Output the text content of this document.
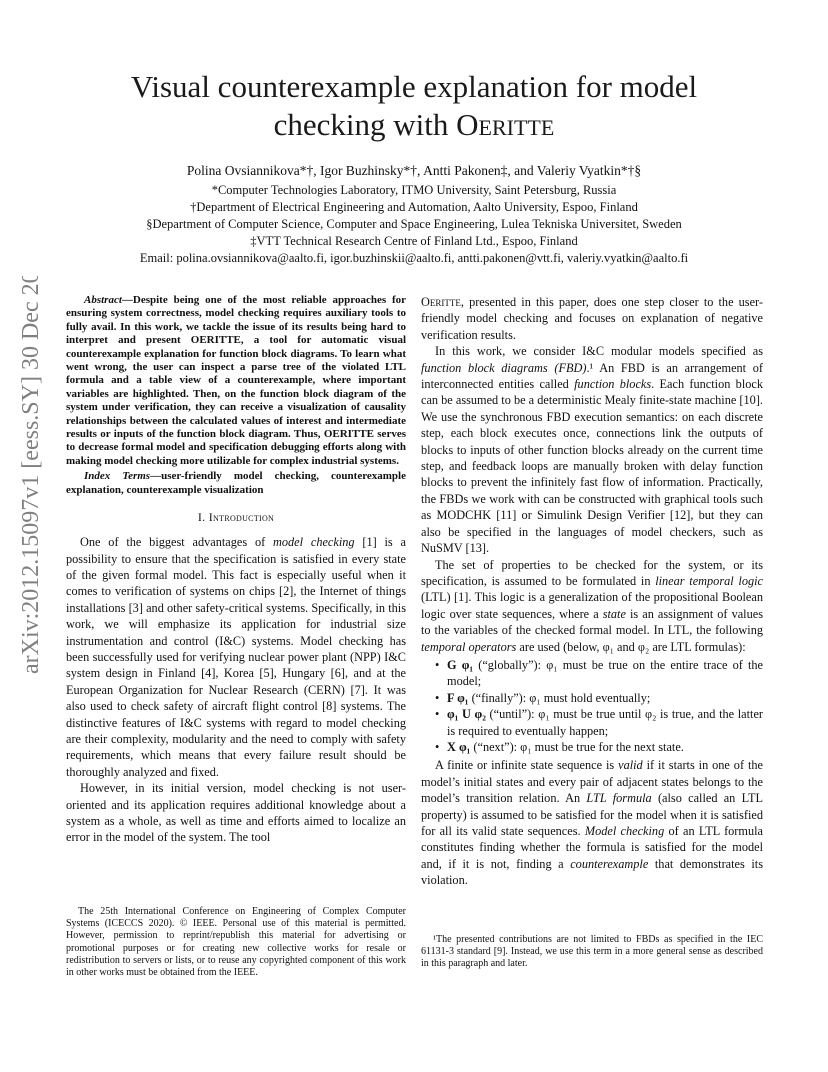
Visual counterexample explanation for model
checking with Oeritte
Polina Ovsiannikova*†, Igor Buzhinsky*†, Antti Pakonen‡, and Valeriy Vyatkin*†§
*Computer Technologies Laboratory, ITMO University, Saint Petersburg, Russia
†Department of Electrical Engineering and Automation, Aalto University, Espoo, Finland
§Department of Computer Science, Computer and Space Engineering, Lulea Tekniska Universitet, Sweden
‡VTT Technical Research Centre of Finland Ltd., Espoo, Finland
Email: polina.ovsiannikova@aalto.fi, igor.buzhinskii@aalto.fi, antti.pakonen@vtt.fi, valeriy.vyatkin@aalto.fi
arXiv:2012.15097v1 [eess.SY] 30 Dec 2020	Abstract—Despite being one of the most reliable approaches for ensuring system correctness, model checking requires auxiliary tools to fully avail. In this work, we tackle the issue of its results being hard to interpret and present OERITTE, a tool for automatic visual counterexample explanation for function block diagrams. To learn what went wrong, the user can inspect a parse tree of the violated LTL formula and a table view of a counterexample, where important variables are highlighted. Then, on the function block diagram of the system under verification, they can receive a visualization of causality relationships between the calculated values of interest and intermediate results or inputs of the function block diagram. Thus, OERITTE serves to decrease formal model and specification debugging efforts along with making model checking more utilizable for complex industrial systems.

Index Terms—user-friendly model checking, counterexample explanation, counterexample visualization

I. Introduction

One of the biggest advantages of model checking [1] is a possibility to ensure that the specification is satisfied in every state of the given formal model. This fact is especially useful when it comes to verification of systems on chips [2], the Internet of things installations [3] and other safety-critical systems. Specifically, in this work, we will emphasize its application for industrial size instrumentation and control (I&C) systems. Model checking has been successfully used for verifying nuclear power plant (NPP) I&C system design in Finland [4], Korea [5], Hungary [6], and at the European Organization for Nuclear Research (CERN) [7]. It was also used to check safety of aircraft flight control [8] systems. The distinctive features of I&C systems with regard to model checking are their complexity, modularity and the need to comply with safety requirements, which means that every failure result should be thoroughly analyzed and fixed.

However, in its initial version, model checking is not user-oriented and its application requires additional knowledge about a system as a whole, as well as time and efforts aimed to localize an error in the model of the system. The tool

The 25th International Conference on Engineering of Complex Computer Systems (ICECCS 2020). © IEEE. Personal use of this material is permitted. However, permission to reprint/republish this material for advertising or promotional purposes or for creating new collective works for resale or redistribution to servers or lists, or to reuse any copyrighted component of this work in other works must be obtained from the IEEE.

Oeritte, presented in this paper, does one step closer to the user-friendly model checking and focuses on explanation of negative verification results.

In this work, we consider I&C modular models specified as function block diagrams (FBD).¹ An FBD is an arrangement of interconnected entities called function blocks. Each function block can be assumed to be a deterministic Mealy finite-state machine [10]. We use the synchronous FBD execution semantics: on each discrete step, each block executes once, connections link the outputs of blocks to inputs of other function blocks already on the current time step, and feedback loops are manually broken with delay function blocks to prevent the infinitely fast flow of information. Practically, the FBDs we work with can be constructed with graphical tools such as MODCHK [11] or Simulink Design Verifier [12], but they can also be specified in the languages of model checkers, such as NuSMV [13].

The set of properties to be checked for the system, or its specification, is assumed to be formulated in linear temporal logic (LTL) [1]. This logic is a generalization of the propositional Boolean logic over state sequences, where a state is an assignment of values to the variables of the checked formal model. In LTL, the following temporal operators are used (below, φ₁ and φ₂ are LTL formulas):

• G φ₁ (“globally”): φ₁ must be true on the entire trace of the model;
• F φ₁ (“finally”): φ₁ must hold eventually;
• φ₁ U φ₂ (“until”): φ₁ must be true until φ₂ is true, and the latter is required to eventually happen;
• X φ₁ (“next”): φ₁ must be true for the next state.

A finite or infinite state sequence is valid if it starts in one of the model’s initial states and every pair of adjacent states belongs to the model’s transition relation. An LTL formula (also called an LTL property) is assumed to be satisfied for the model when it is satisfied for all its valid state sequences. Model checking of an LTL formula constitutes finding whether the formula is satisfied for the model and, if it is not, finding a counterexample that demonstrates its violation.

¹The presented contributions are not limited to FBDs as specified in the IEC 61131-3 standard [9]. Instead, we use this term in a more general sense as described in this paragraph and later.
